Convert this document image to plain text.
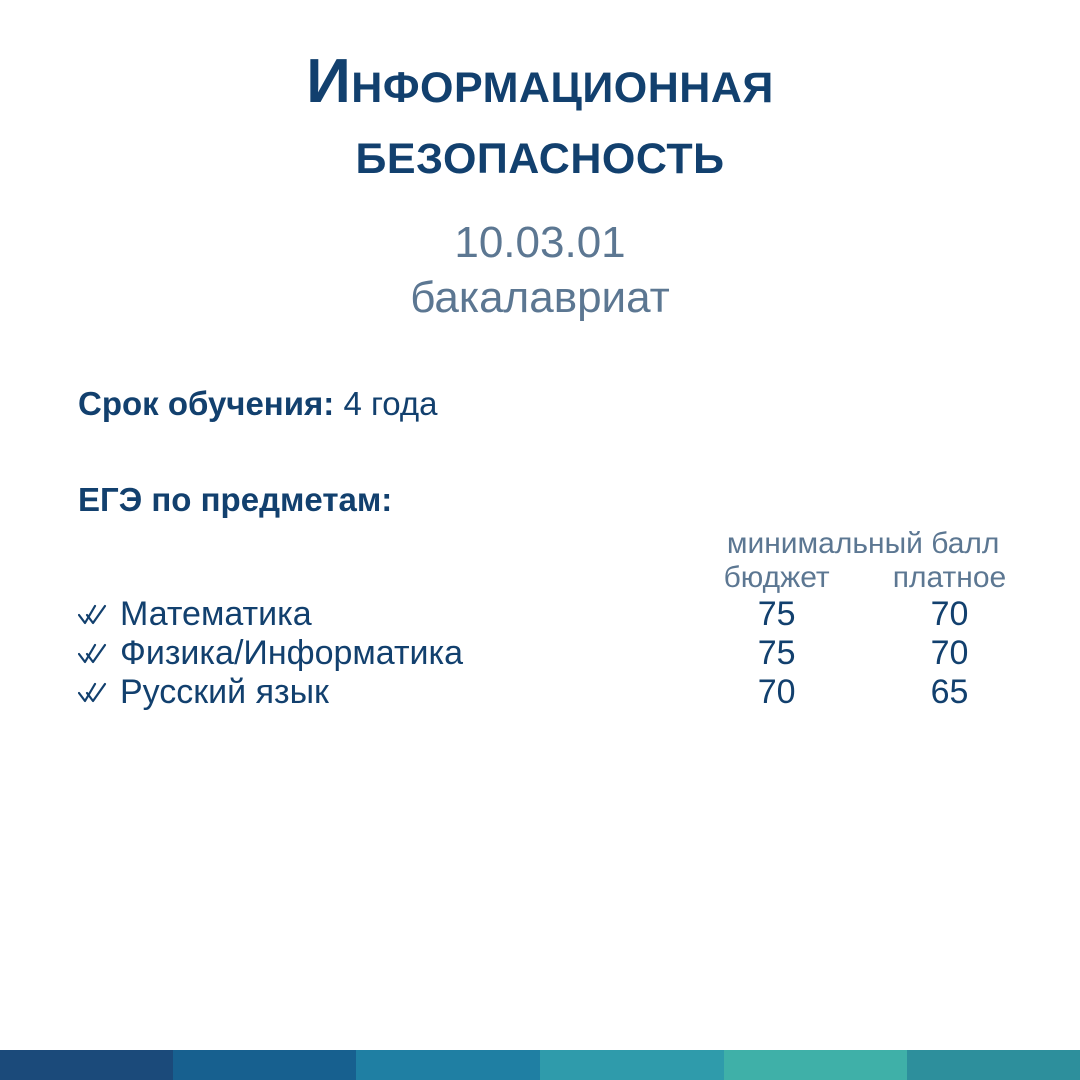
Информационная
безопасность
10.03.01
бакалавриат
Срок обучения: 4 года
ЕГЭ по предметам:
	минимальный балл	
	бюджет	платное
Математика	75	70
Физика/Информатика	75	70
Русский язык	70	65
